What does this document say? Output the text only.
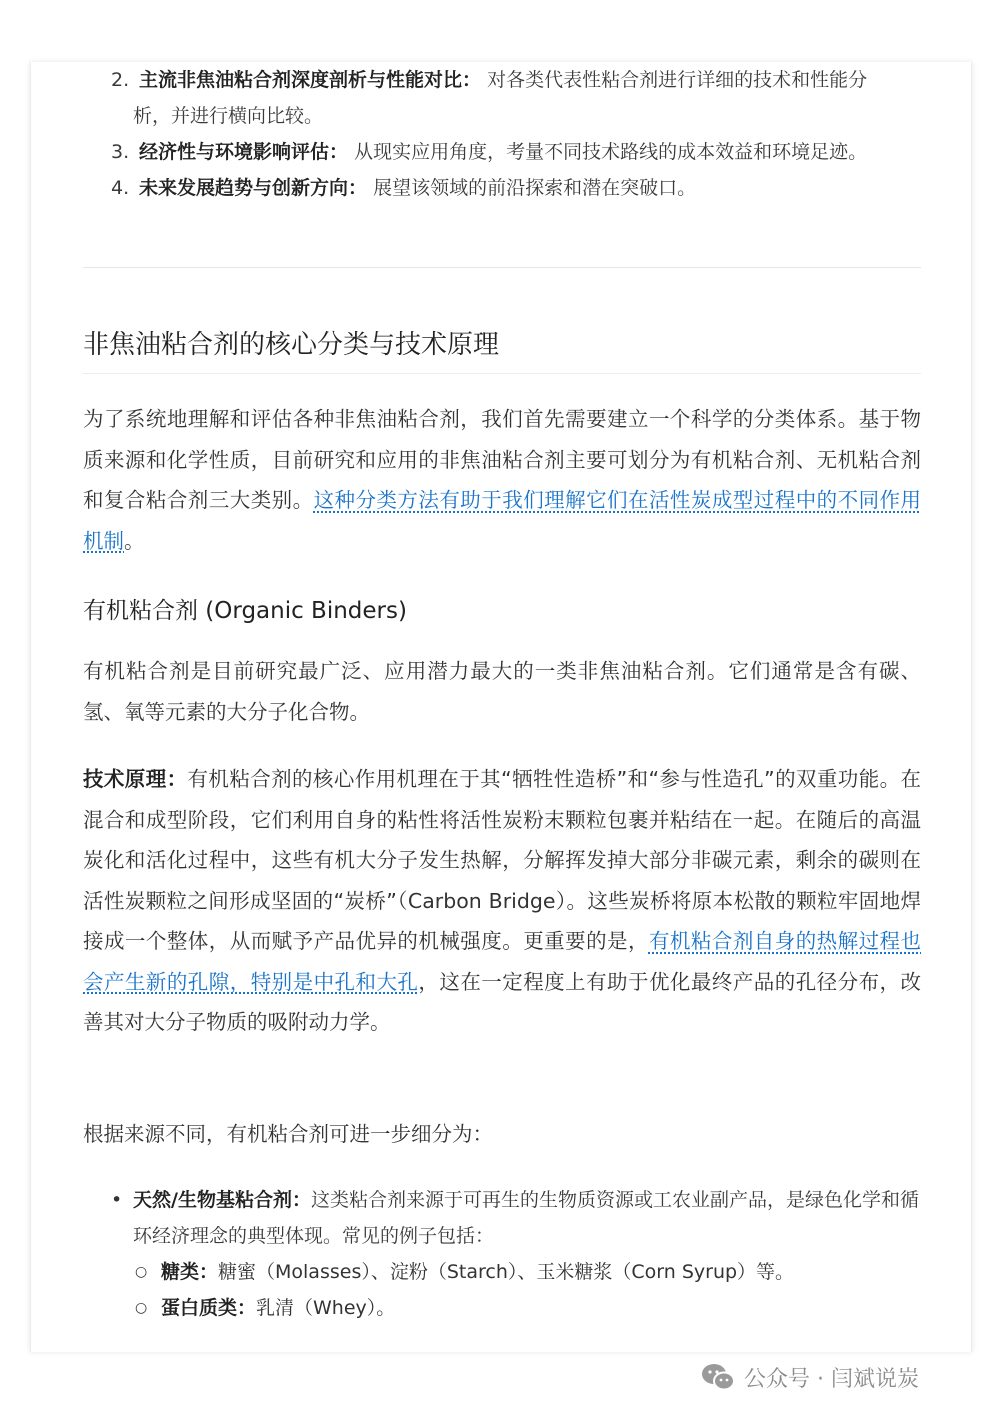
2. 主流非焦油粘合剂深度剖析与性能对比： 对各类代表性粘合剂进行详细的技术和性能分
析，并进行横向比较。
3. 经济性与环境影响评估： 从现实应用角度，考量不同技术路线的成本效益和环境足迹。
4. 未来发展趋势与创新方向： 展望该领域的前沿探索和潜在突破口。
非焦油粘合剂的核心分类与技术原理

为了系统地理解和评估各种非焦油粘合剂，我们首先需要建立一个科学的分类体系。基于物质来源和化学性质，目前研究和应用的非焦油粘合剂主要可划分为有机粘合剂、无机粘合剂和复合粘合剂三大类别。这种分类方法有助于我们理解它们在活性炭成型过程中的不同作用机制。

有机粘合剂 (Organic Binders)

有机粘合剂是目前研究最广泛、应用潜力最大的一类非焦油粘合剂。它们通常是含有碳、氢、氧等元素的大分子化合物。

技术原理：有机粘合剂的核心作用机理在于其“牺牲性造桥”和“参与性造孔”的双重功能。在混合和成型阶段，它们利用自身的粘性将活性炭粉末颗粒包裹并粘结在一起。在随后的高温炭化和活化过程中，这些有机大分子发生热解，分解挥发掉大部分非碳元素，剩余的碳则在活性炭颗粒之间形成坚固的“炭桥”（Carbon Bridge）。这些炭桥将原本松散的颗粒牢固地焊接成一个整体，从而赋予产品优异的机械强度。更重要的是，有机粘合剂自身的热解过程也会产生新的孔隙，特别是中孔和大孔，这在一定程度上有助于优化最终产品的孔径分布，改善其对大分子物质的吸附动力学。

根据来源不同，有机粘合剂可进一步细分为：

• 天然/生物基粘合剂：这类粘合剂来源于可再生的生物质资源或工农业副产品，是绿色化学和循环经济理念的典型体现。常见的例子包括：
○ 糖类：糖蜜（Molasses）、淀粉（Starch）、玉米糖浆（Corn Syrup）等。
○ 蛋白质类：乳清（Whey）。
公众号 · 闫斌说炭
